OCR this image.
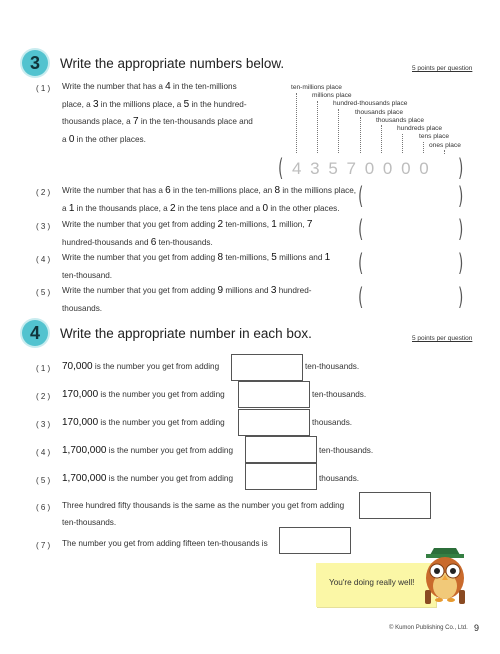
3	Write the appropriate numbers below.	5 points per question
( 1 )	Write the number that has a 4 in the ten-millions
place, a 3 in the millions place, a 5 in the hundred-
thousands place, a 7 in the ten-thousands place and
a 0 in the other places.
ten-millions place
millions place
hundred-thousands place
thousands place
thousands place
hundreds place
tens place
ones place
( 4 3 5 7 0 0 0 0 )
( 2 )	Write the number that has a 6 in the ten-millions place, an 8 in the millions place,
a 1 in the thousands place, a 2 in the tens place and a 0 in the other places. (	)
( 3 )	Write the number that you get from adding 2 ten-millions, 1 million, 7
hundred-thousands and 6 ten-thousands.	(	)
( 4 )	Write the number that you get from adding 8 ten-millions, 5 millions and 1
ten-thousand.	(	)
( 5 )	Write the number that you get from adding 9 millions and 3 hundred-
thousands.	(	)
4	Write the appropriate number in each box.	5 points per question
( 1 )	70,000 is the number you get from adding	ten-thousands.
( 2 )	170,000 is the number you get from adding	ten-thousands.
( 3 )	170,000 is the number you get from adding	thousands.
( 4 )	1,700,000 is the number you get from adding	ten-thousands.
( 5 )	1,700,000 is the number you get from adding	thousands.
( 6 )	Three hundred fifty thousands is the same as the number you get from adding
ten-thousands.
( 7 )	The number you get from adding fifteen ten-thousands is
You're doing really well!
© Kumon Publishing Co., Ltd. 9
